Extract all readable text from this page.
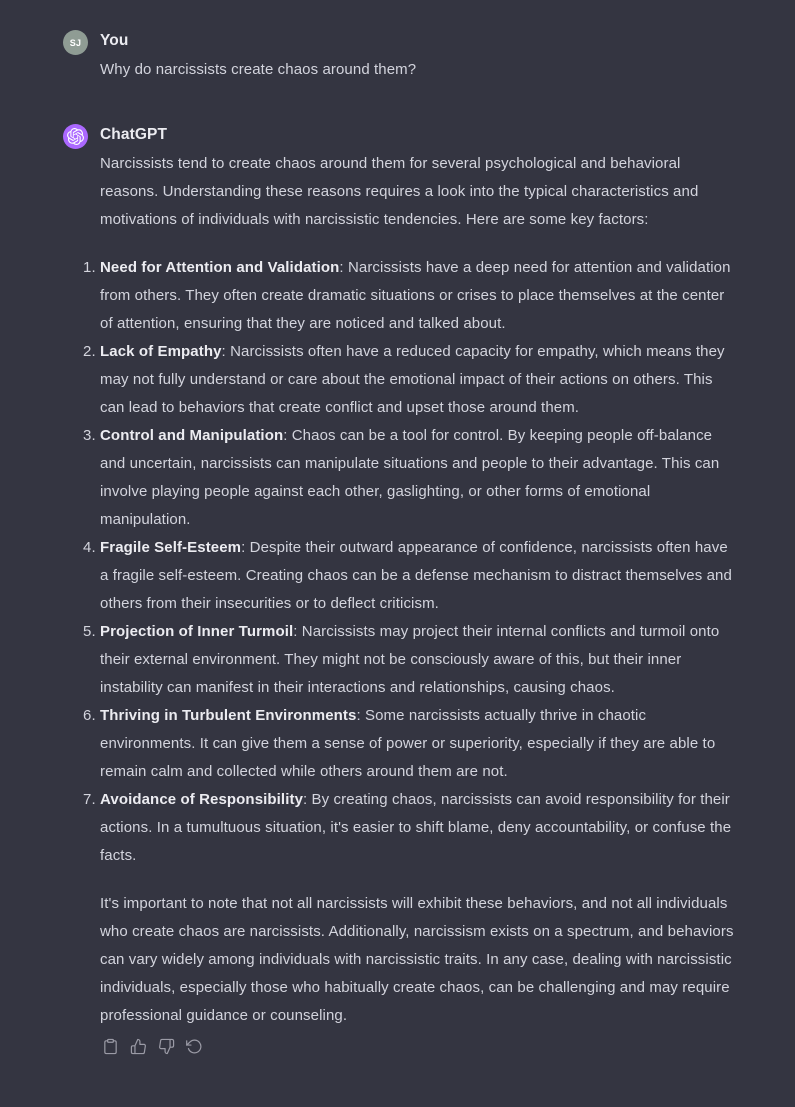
SJ You

Why do narcissists create chaos around them?

ChatGPT

Narcissists tend to create chaos around them for several psychological and behavioral reasons. Understanding these reasons requires a look into the typical characteristics and motivations of individuals with narcissistic tendencies. Here are some key factors:

1. Need for Attention and Validation: Narcissists have a deep need for attention and validation from others. They often create dramatic situations or crises to place themselves at the center of attention, ensuring that they are noticed and talked about.
2. Lack of Empathy: Narcissists often have a reduced capacity for empathy, which means they may not fully understand or care about the emotional impact of their actions on others. This can lead to behaviors that create conflict and upset those around them.
3. Control and Manipulation: Chaos can be a tool for control. By keeping people off-balance and uncertain, narcissists can manipulate situations and people to their advantage. This can involve playing people against each other, gaslighting, or other forms of emotional manipulation.
4. Fragile Self-Esteem: Despite their outward appearance of confidence, narcissists often have a fragile self-esteem. Creating chaos can be a defense mechanism to distract themselves and others from their insecurities or to deflect criticism.
5. Projection of Inner Turmoil: Narcissists may project their internal conflicts and turmoil onto their external environment. They might not be consciously aware of this, but their inner instability can manifest in their interactions and relationships, causing chaos.
6. Thriving in Turbulent Environments: Some narcissists actually thrive in chaotic environments. It can give them a sense of power or superiority, especially if they are able to remain calm and collected while others around them are not.
7. Avoidance of Responsibility: By creating chaos, narcissists can avoid responsibility for their actions. In a tumultuous situation, it's easier to shift blame, deny accountability, or confuse the facts.

It's important to note that not all narcissists will exhibit these behaviors, and not all individuals who create chaos are narcissists. Additionally, narcissism exists on a spectrum, and behaviors can vary widely among individuals with narcissistic traits. In any case, dealing with narcissistic individuals, especially those who habitually create chaos, can be challenging and may require professional guidance or counseling.
